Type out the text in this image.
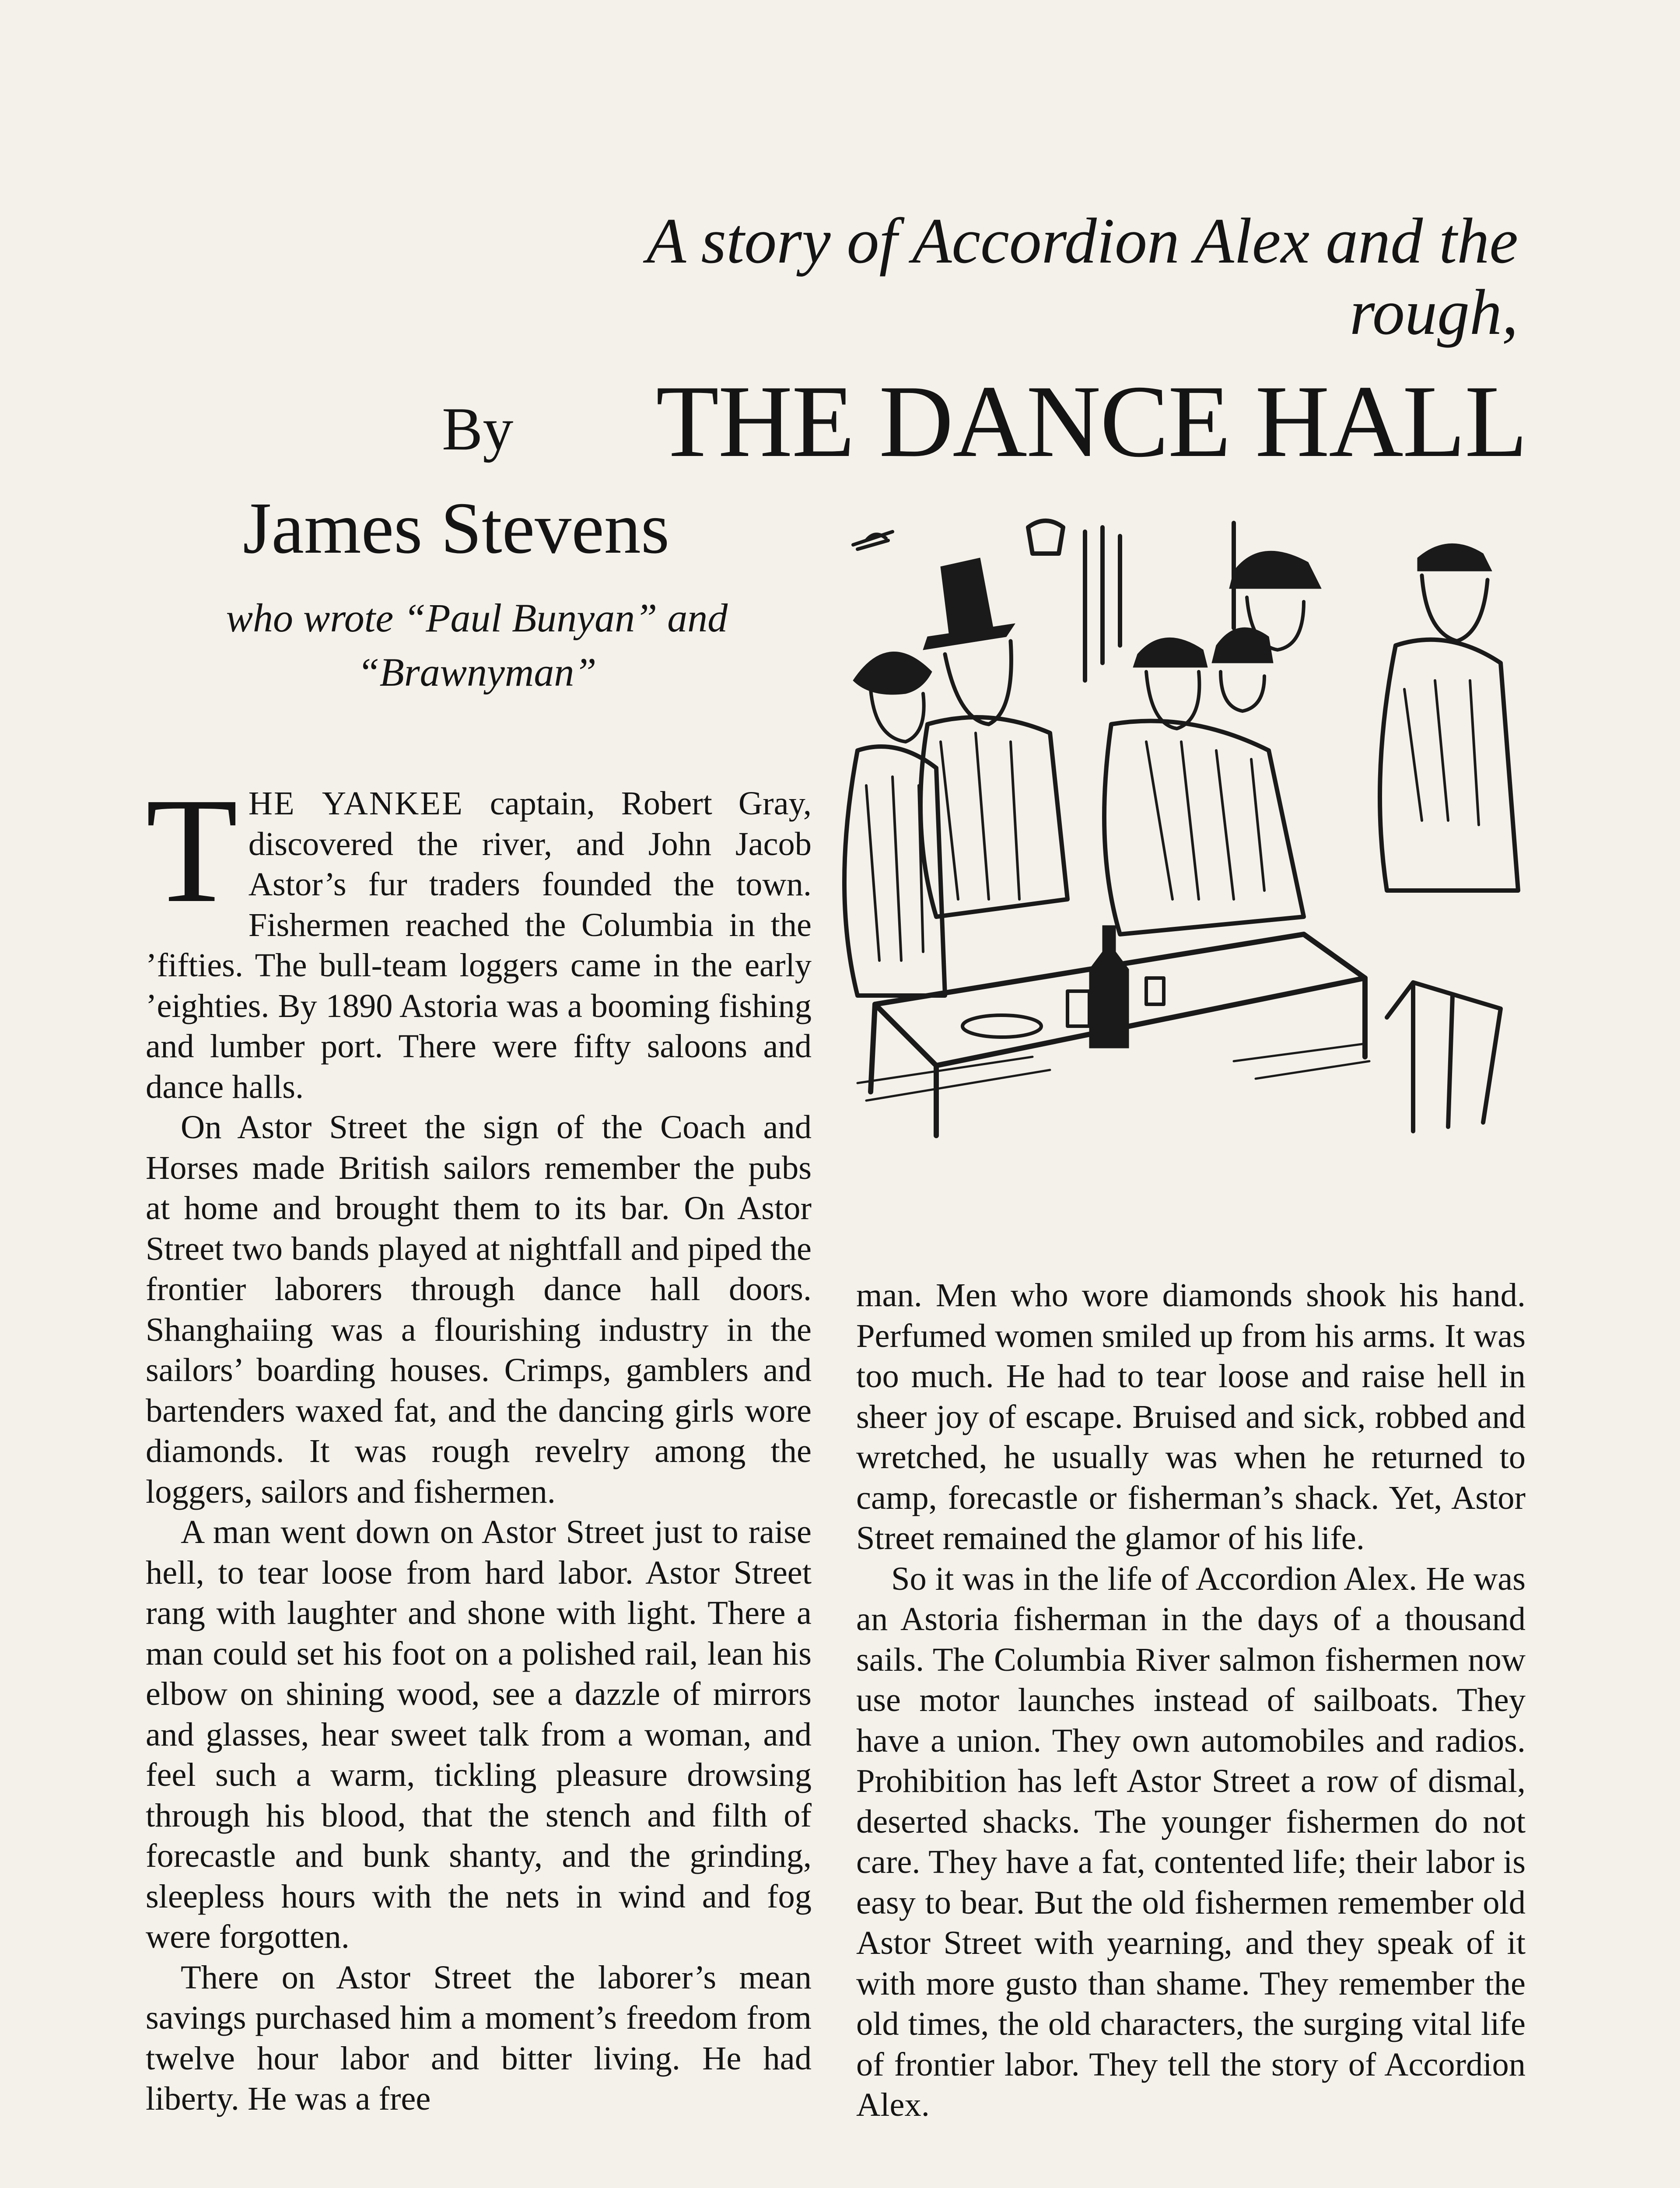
A story of Accordion Alex and the rough,
By THE DANCE HALL
James Stevens
who wrote “Paul Bunyan” and
“Brawnyman”

THE YANKEE captain, Robert Gray, discovered the river, and John Jacob Astor’s fur traders founded the town. Fishermen reached the Columbia in the ’fifties. The bull-team loggers came in the early ’eighties. By 1890 Astoria was a booming fishing and lumber port. There were fifty saloons and dance halls.

On Astor Street the sign of the Coach and Horses made British sailors remember the pubs at home and brought them to its bar. On Astor Street two bands played at nightfall and piped the frontier laborers through dance hall doors. Shanghaiing was a flourishing industry in the sailors’ boarding houses. Crimps, gamblers and bartenders waxed fat, and the dancing girls wore diamonds. It was rough revelry among the loggers, sailors and fishermen.

A man went down on Astor Street just to raise hell, to tear loose from hard labor. Astor Street rang with laughter and shone with light. There a man could set his foot on a polished rail, lean his elbow on shining wood, see a dazzle of mirrors and glasses, hear sweet talk from a woman, and feel such a warm, tickling pleasure drowsing through his blood, that the stench and filth of forecastle and bunk shanty, and the grinding, sleepless hours with the nets in wind and fog were forgotten.

There on Astor Street the laborer’s mean savings purchased him a moment’s freedom from twelve hour labor and bitter living. He had liberty. He was a free

man. Men who wore diamonds shook his hand. Perfumed women smiled up from his arms. It was too much. He had to tear loose and raise hell in sheer joy of escape. Bruised and sick, robbed and wretched, he usually was when he returned to camp, forecastle or fisherman’s shack. Yet, Astor Street remained the glamor of his life.

So it was in the life of Accordion Alex. He was an Astoria fisherman in the days of a thousand sails. The Columbia River salmon fishermen now use motor launches instead of sailboats. They have a union. They own automobiles and radios. Prohibition has left Astor Street a row of dismal, deserted shacks. The younger fishermen do not care. They have a fat, contented life; their labor is easy to bear. But the old fishermen remember old Astor Street with yearning, and they speak of it with more gusto than shame. They remember the old times, the old characters, the surging vital life of frontier labor. They tell the story of Accordion Alex.
